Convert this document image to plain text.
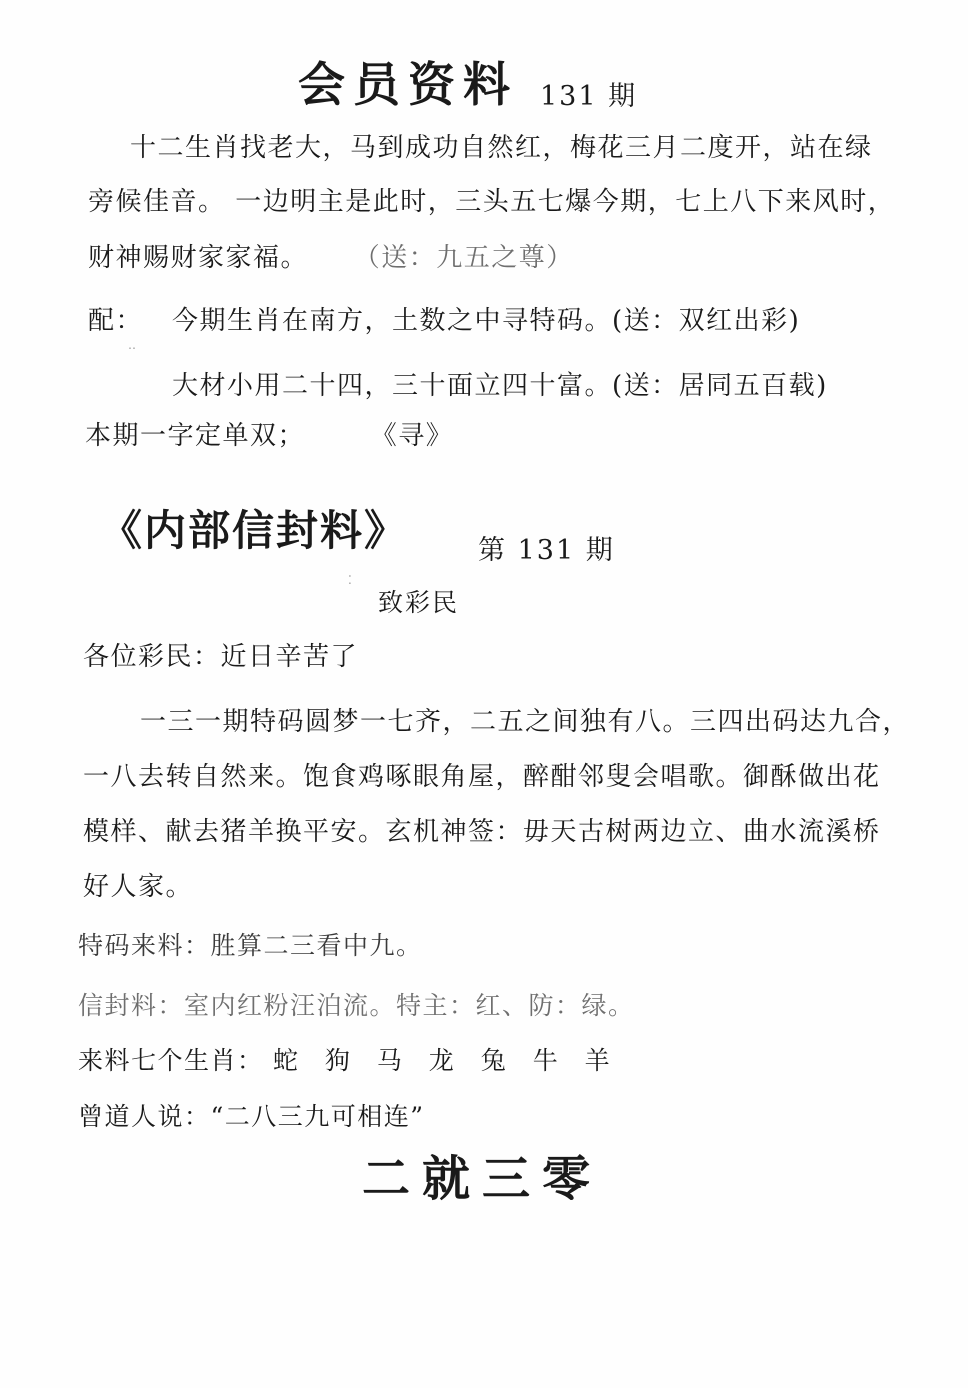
会员资料 131 期
十二生肖找老大，马到成功自然红，梅花三月二度开，站在绿
旁候佳音。 一边明主是此时，三头五七爆今期，七上八下来风时，
财神赐财家家福。 （送：九五之尊）
配：
‥
今期生肖在南方，土数之中寻特码。(送：双红出彩)
大材小用二十四，三十面立四十富。(送：居同五百载)
本期一字定单双；	《寻》
《内部信封料》	第 131 期
⁚
致彩民
各位彩民：近日辛苦了
一三一期特码圆梦一七齐，二五之间独有八。三四出码达九合，
一八去转自然来。饱食鸡啄眼角屋，醉酣邻叟会唱歌。御酥做出花
模样、献去猪羊换平安。玄机神签：毋天古树两边立、曲水流溪桥
好人家。
特码来料：胜算二三看中九。
信封料：室内红粉汪泊流。特主：红、防：绿。
来料七个生肖： 蛇 狗 马 龙 兔 牛 羊
曾道人说：“二八三九可相连”
二就三零
